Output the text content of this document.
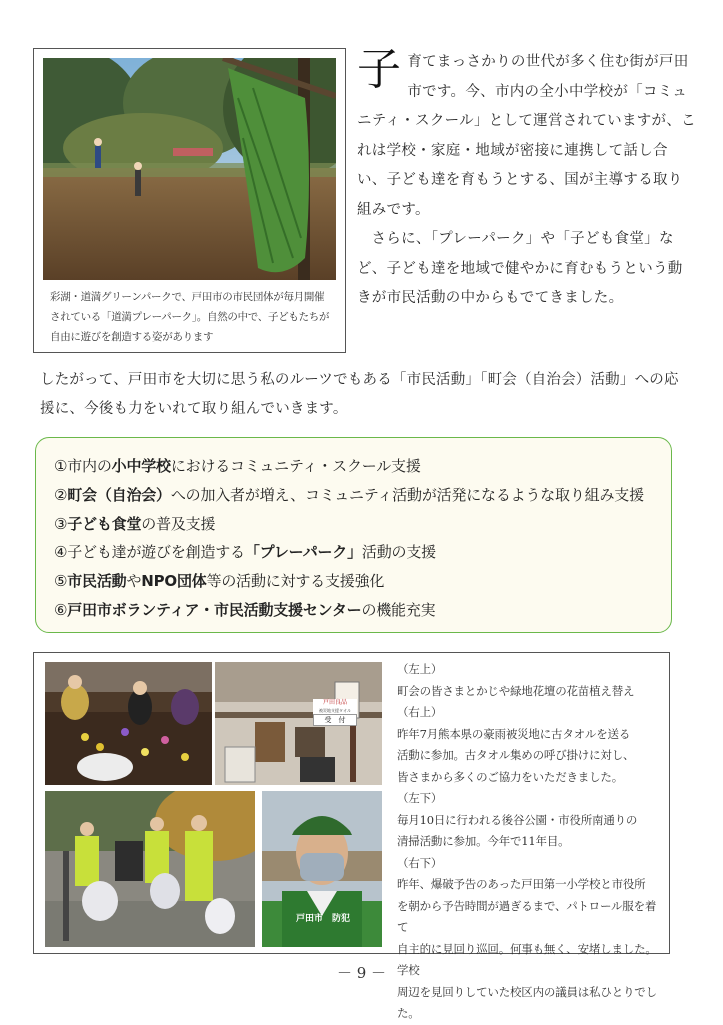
彩湖・道満グリーンパークで、戸田市の市民団体が毎月開催されている「道満プレーパーク」。自然の中で、子どもたちが自由に遊びを創造する姿があります
子 育てまっさかりの世代が多く住む街が戸田市です。今、市内の全小中学校が「コミュニティ・スクール」として運営されていますが、これは学校・家庭・地域が密接に連携して話し合い、子ども達を育もうとする、国が主導する取り組みです。

さらに、「プレーパーク」や「子ども食堂」など、子ども達を地域で健やかに育むもうという動きが市民活動の中からもでてきました。

したがって、戸田市を大切に思う私のルーツでもある「市民活動」「町会（自治会）活動」への応援に、今後も力をいれて取り組んでいきます。

①市内の小中学校におけるコミュニティ・スクール支援
②町会（自治会）への加入者が増え、コミュニティ活動が活発になるような取り組み支援
③子ども食堂の普及支援
④子ども達が遊びを創造する「プレーパーク」活動の支援
⑤市民活動やNPO団体等の活動に対する支援強化
⑥戸田市ボランティア・市民活動支援センターの機能充実
戸田良品
被災地支援タオル
受　付
戸田市　防犯

（左上）

町会の皆さまとかじや緑地花壇の花苗植え替え

（右上）

昨年7月熊本県の豪雨被災地に古タオルを送る

活動に参加。古タオル集めの呼び掛けに対し、

皆さまから多くのご協力をいただきました。

（左下）

毎月10日に行われる後谷公園・市役所南通りの

清掃活動に参加。今年で11年目。

（右下）

昨年、爆破予告のあった戸田第一小学校と市役所

を朝から予告時間が過ぎるまで、パトロール服を着て

自主的に見回り巡回。何事も無く、安堵しました。学校

周辺を見回りしていた校区内の議員は私ひとりでした。

－ 9 －
